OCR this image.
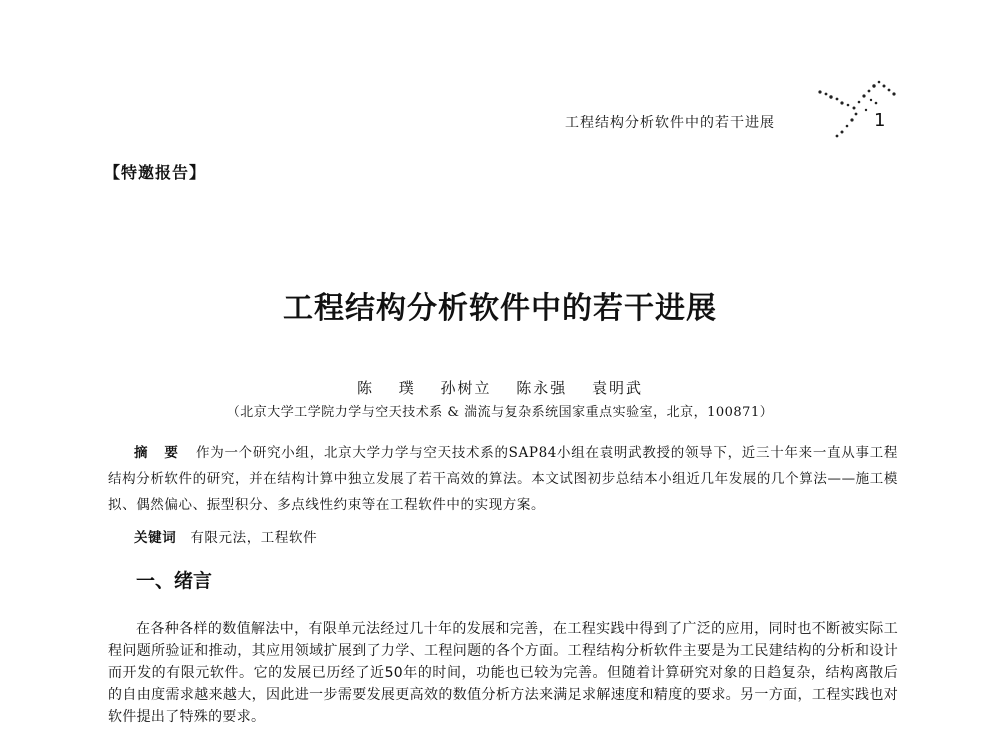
工程结构分析软件中的若干进展	1
【特邀报告】
工程结构分析软件中的若干进展
陈 璞 孙树立 陈永强 袁明武
（北京大学工学院力学与空天技术系 & 湍流与复杂系统国家重点实验室，北京，100871）
摘 要 作为一个研究小组，北京大学力学与空天技术系的SAP84小组在袁明武教授的领导下，近三十年来一直从事工程结构分析软件的研究，并在结构计算中独立发展了若干高效的算法。本文试图初步总结本小组近几年发展的几个算法——施工模拟、偶然偏心、振型积分、多点线性约束等在工程软件中的实现方案。
关键词 有限元法，工程软件
一、绪言

在各种各样的数值解法中，有限单元法经过几十年的发展和完善，在工程实践中得到了广泛的应用，同时也不断被实际工程问题所验证和推动，其应用领域扩展到了力学、工程问题的各个方面。工程结构分析软件主要是为工民建结构的分析和设计而开发的有限元软件。它的发展已历经了近50年的时间，功能也已较为完善。但随着计算研究对象的日趋复杂，结构离散后的自由度需求越来越大，因此进一步需要发展更高效的数值分析方法来满足求解速度和精度的要求。另一方面，工程实践也对软件提出了特殊的要求。
